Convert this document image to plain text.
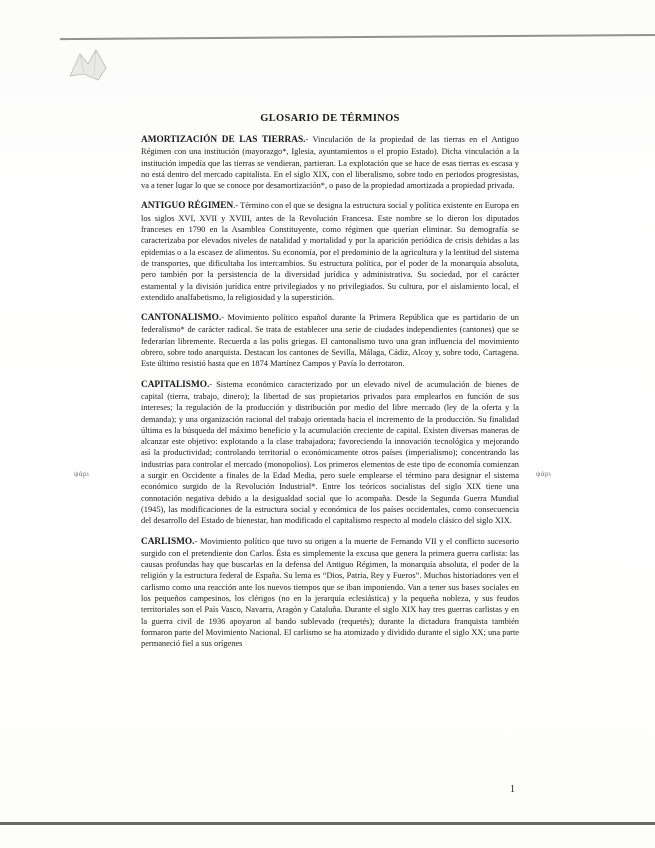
ψάρι	ψάρι
GLOSARIO DE TÉRMINOS

AMORTIZACIÓN DE LAS TIERRAS.- Vinculación de la propiedad de las tierras en el Antiguo Régimen con una institución (mayorazgo*, Iglesia, ayuntamientos o el propio Estado). Dicha vinculación a la institución impedía que las tierras se vendieran, partieran. La explotación que se hace de esas tierras es escasa y no está dentro del mercado capitalista. En el siglo XIX, con el liberalismo, sobre todo en periodos progresistas, va a tener lugar lo que se conoce por desamortización*, o paso de la propiedad amortizada a propiedad privada.

ANTIGUO RÉGIMEN.- Término con el que se designa la estructura social y política existente en Europa en los siglos XVI, XVII y XVIII, antes de la Revolución Francesa. Este nombre se lo dieron los diputados franceses en 1790 en la Asamblea Constituyente, como régimen que querían eliminar. Su demografía se caracterizaba por elevados niveles de natalidad y mortalidad y por la aparición periódica de crisis debidas a las epidemias o a la escasez de alimentos. Su economía, por el predominio de la agricultura y la lentitud del sistema de transportes, que dificultaba los intercambios. Su estructura política, por el poder de la monarquía absoluta, pero también por la persistencia de la diversidad jurídica y administrativa. Su sociedad, por el carácter estamental y la división jurídica entre privilegiados y no privilegiados. Su cultura, por el aislamiento local, el extendido analfabetismo, la religiosidad y la superstición.

CANTONALISMO.- Movimiento político español durante la Primera República que es partidario de un federalismo* de carácter radical. Se trata de establecer una serie de ciudades independientes (cantones) que se federarían libremente. Recuerda a las polis griegas. El cantonalismo tuvo una gran influencia del movimiento obrero, sobre todo anarquista. Destacan los cantones de Sevilla, Málaga, Cádiz, Alcoy y, sobre todo, Cartagena. Este último resistió hasta que en 1874 Martínez Campos y Pavía lo derrotaron.

CAPITALISMO.- Sistema económico caracterizado por un elevado nivel de acumulación de bienes de capital (tierra, trabajo, dinero); la libertad de sus propietarios privados para emplearlos en función de sus intereses; la regulación de la producción y distribución por medio del libre mercado (ley de la oferta y la demanda); y una organización racional del trabajo orientada hacia el incremento de la producción. Su finalidad última es la búsqueda del máximo beneficio y la acumulación creciente de capital. Existen diversas maneras de alcanzar este objetivo: explotando a la clase trabajadora; favoreciendo la innovación tecnológica y mejorando así la productividad; controlando territorial o económicamente otros países (imperialismo); concentrando las industrias para controlar el mercado (monopolios). Los primeros elementos de este tipo de economía comienzan a surgir en Occidente a finales de la Edad Media, pero suele emplearse el término para designar el sistema económico surgido de la Revolución Industrial*. Entre los teóricos socialistas del siglo XIX tiene una connotación negativa debido a la desigualdad social que lo acompaña. Desde la Segunda Guerra Mundial (1945), las modificaciones de la estructura social y económica de los países occidentales, como consecuencia del desarrollo del Estado de bienestar, han modificado el capitalismo respecto al modelo clásico del siglo XIX.

CARLISMO.- Movimiento político que tuvo su origen a la muerte de Fernando VII y el conflicto sucesorio surgido con el pretendiente don Carlos. Ésta es simplemente la excusa que genera la primera guerra carlista: las causas profundas hay que buscarlas en la defensa del Antiguo Régimen, la monarquía absoluta, el poder de la religión y la estructura federal de España. Su lema es “Dios, Patria, Rey y Fueros”. Muchos historiadores ven el carlismo como una reacción ante los nuevos tiempos que se iban imponiendo. Van a tener sus bases sociales en los pequeños campesinos, los clérigos (no en la jerarquía eclesiástica) y la pequeña nobleza, y sus feudos territoriales son el País Vasco, Navarra, Aragón y Cataluña. Durante el siglo XIX hay tres guerras carlistas y en la guerra civil de 1936 apoyaron al bando sublevado (requetés); durante la dictadura franquista también formaron parte del Movimiento Nacional. El carlismo se ha atomizado y dividido durante el siglo XX; una parte permaneció fiel a sus orígenes

1
